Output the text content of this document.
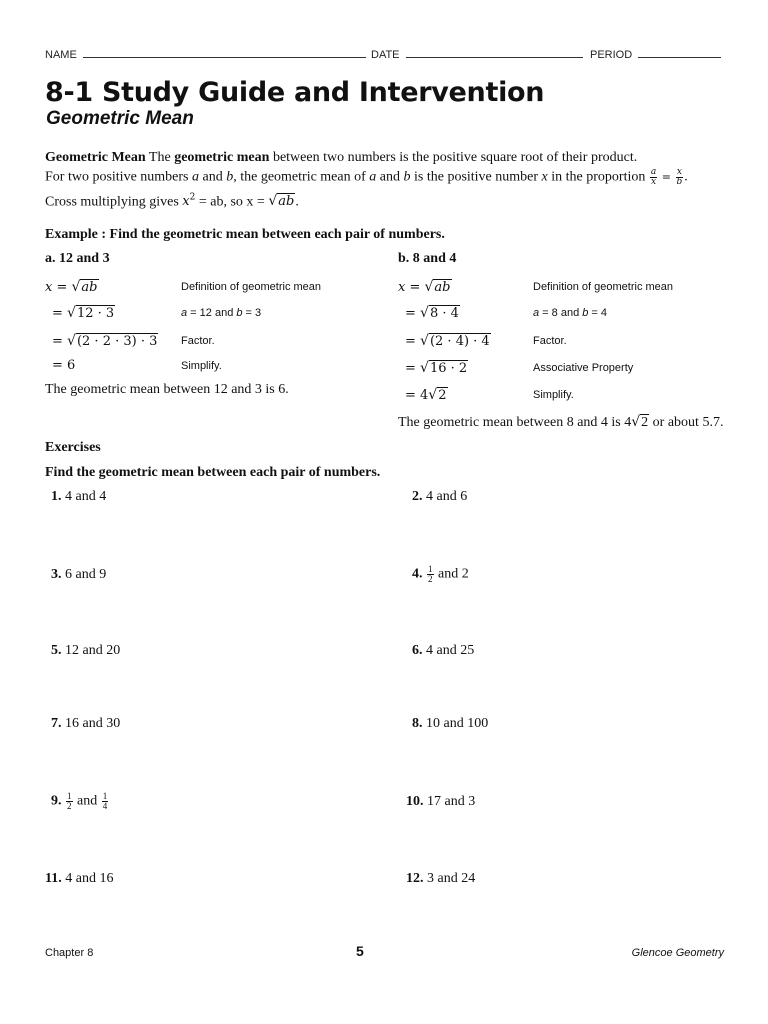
NAME	DATE	PERIOD
8-1 Study Guide and Intervention
Geometric Mean
Geometric Mean The geometric mean between two numbers is the positive square root of their product.
For two positive numbers a and b, the geometric mean of a and b is the positive number x in the proportion $\frac{a}{x} = \frac{x}{b}$ .
Cross multiplying gives $x^2$ = ab, so x = √ab.
Example : Find the geometric mean between each pair of numbers.
a. 12 and 3	b. 8 and 4
x = √ab	Definition of geometric mean
= √12 · 3	a = 12 and b = 3
= √(2 · 2 · 3) · 3 Factor.
= 6	Simplify.
The geometric mean between 12 and 3 is 6.
x = √ab	Definition of geometric mean
= √8 · 4	a = 8 and b = 4
= √(2 · 4) · 4	Factor.
= √16 · 2	Associative Property
= 4√2	Simplify.
The geometric mean between 8 and 4 is 4√2 or about 5.7.
Exercises
Find the geometric mean between each pair of numbers.
1. 4 and 4
3. 6 and 9
5. 12 and 20
7. 16 and 30
9. $\frac{1}{2}$ and $\frac{1}{4}$
11. 4 and 16
2. 4 and 6
4. $\frac{1}{2}$ and 2
6. 4 and 25
8. 10 and 100
10. 17 and 3
12. 3 and 24
Chapter 8	5	Glencoe Geometry
